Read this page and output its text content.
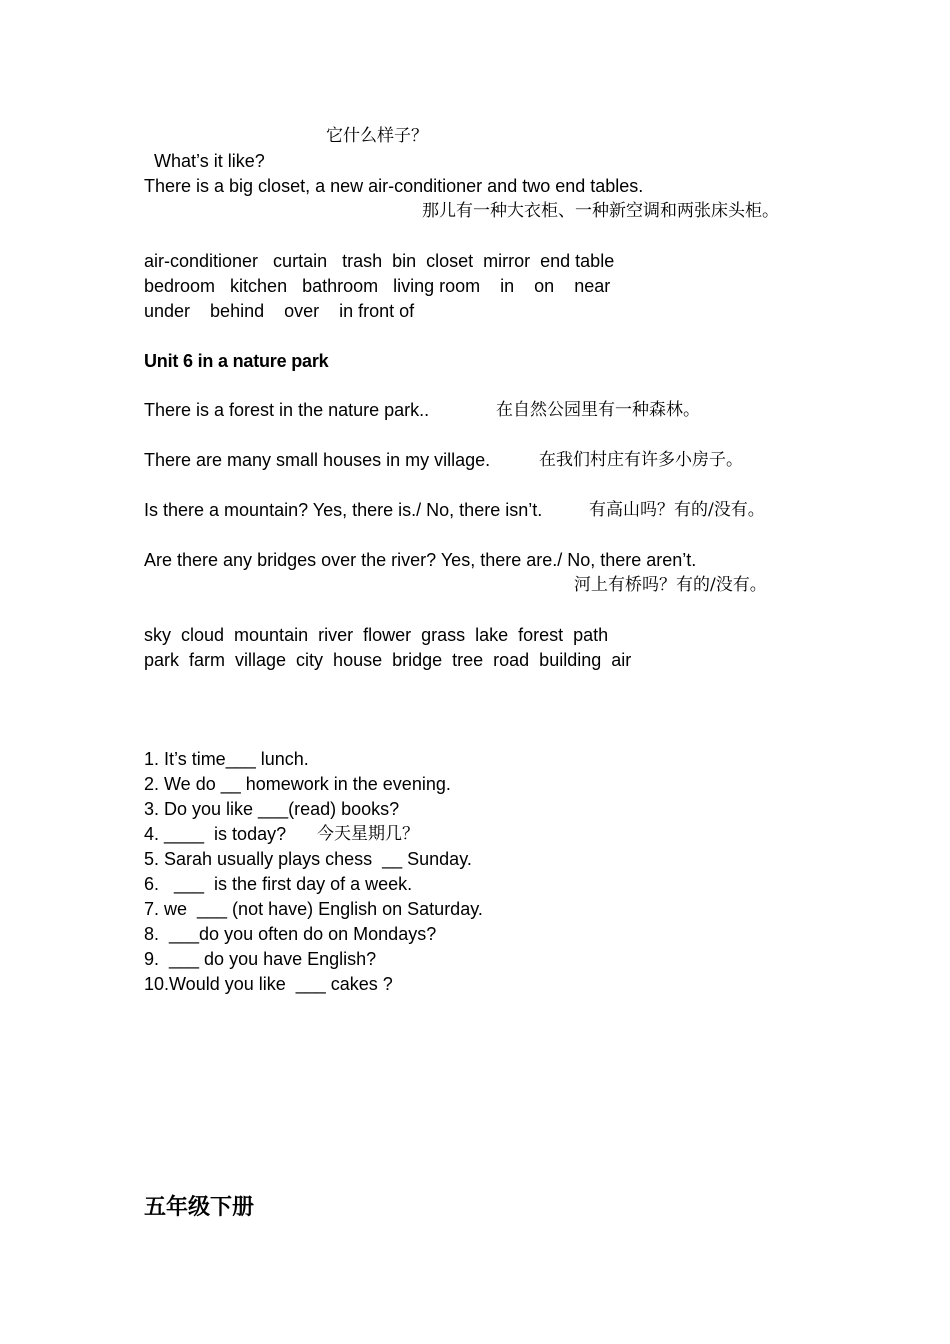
What’s it like?

它什么样子？
There is a big closet, a new air-conditioner and two end tables.
那儿有一种大衣柜、一种新空调和两张床头柜。
air-conditioner   curtain   trash  bin  closet  mirror  end table
bedroom   kitchen   bathroom   living room    in    on    near
under    behind    over    in front of
Unit 6 in a nature park
There is a forest in the nature park..	在自然公园里有一种森林。
There are many small houses in my village.	在我们村庄有许多小房子。
Is there a mountain? Yes, there is./ No, there isn’t.	有高山吗？有的/没有。
Are there any bridges over the river? Yes, there are./ No, there aren’t.
河上有桥吗？有的/没有。
sky  cloud  mountain  river  flower  grass  lake  forest  path
park  farm  village  city  house  bridge  tree  road  building  air
1. It’s time___ lunch.
2. We do __ homework in the evening.
3. Do you like ___(read) books?
4. ____  is today? 今天星期几？
5. Sarah usually plays chess  __ Sunday.
6.   ___  is the first day of a week.
7. we  ___ (not have) English on Saturday.
8.  ___do you often do on Mondays?
9.  ___ do you have English?
10.Would you like  ___ cakes ?
五年级下册
